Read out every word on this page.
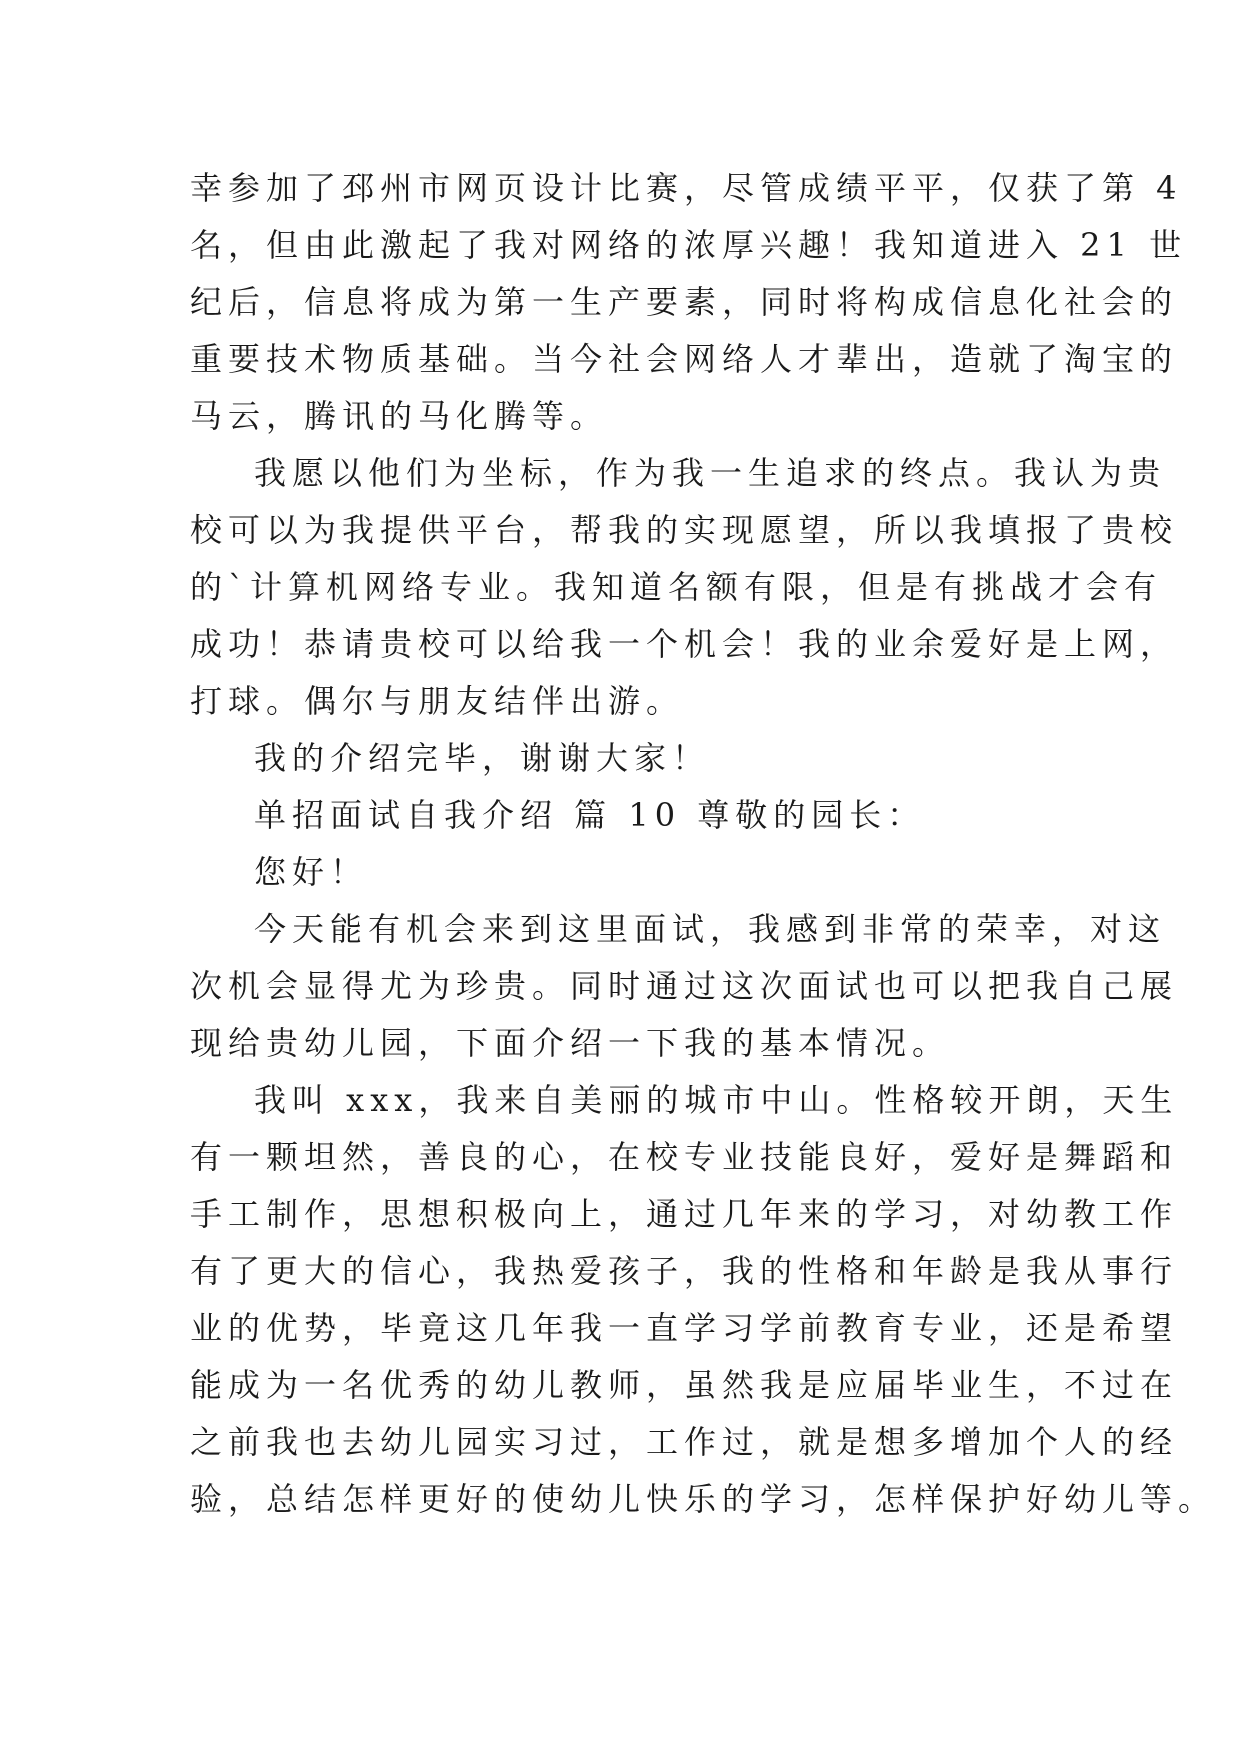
幸参加了邳州市网页设计比赛，尽管成绩平平，仅获了第 4
名，但由此激起了我对网络的浓厚兴趣！我知道进入 21 世
纪后，信息将成为第一生产要素，同时将构成信息化社会的
重要技术物质基础。当今社会网络人才辈出，造就了淘宝的
马云，腾讯的马化腾等。
我愿以他们为坐标，作为我一生追求的终点。我认为贵
校可以为我提供平台，帮我的实现愿望，所以我填报了贵校
的`计算机网络专业。我知道名额有限，但是有挑战才会有
成功！恭请贵校可以给我一个机会！我的业余爱好是上网，
打球。偶尔与朋友结伴出游。
我的介绍完毕，谢谢大家！
单招面试自我介绍 篇 10 尊敬的园长：
您好！
今天能有机会来到这里面试，我感到非常的荣幸，对这
次机会显得尤为珍贵。同时通过这次面试也可以把我自己展
现给贵幼儿园，下面介绍一下我的基本情况。
我叫 xxx，我来自美丽的城市中山。性格较开朗，天生
有一颗坦然，善良的心，在校专业技能良好，爱好是舞蹈和
手工制作，思想积极向上，通过几年来的学习，对幼教工作
有了更大的信心，我热爱孩子，我的性格和年龄是我从事行
业的优势，毕竟这几年我一直学习学前教育专业，还是希望
能成为一名优秀的幼儿教师，虽然我是应届毕业生，不过在
之前我也去幼儿园实习过，工作过，就是想多增加个人的经
验，总结怎样更好的使幼儿快乐的学习，怎样保护好幼儿等。
